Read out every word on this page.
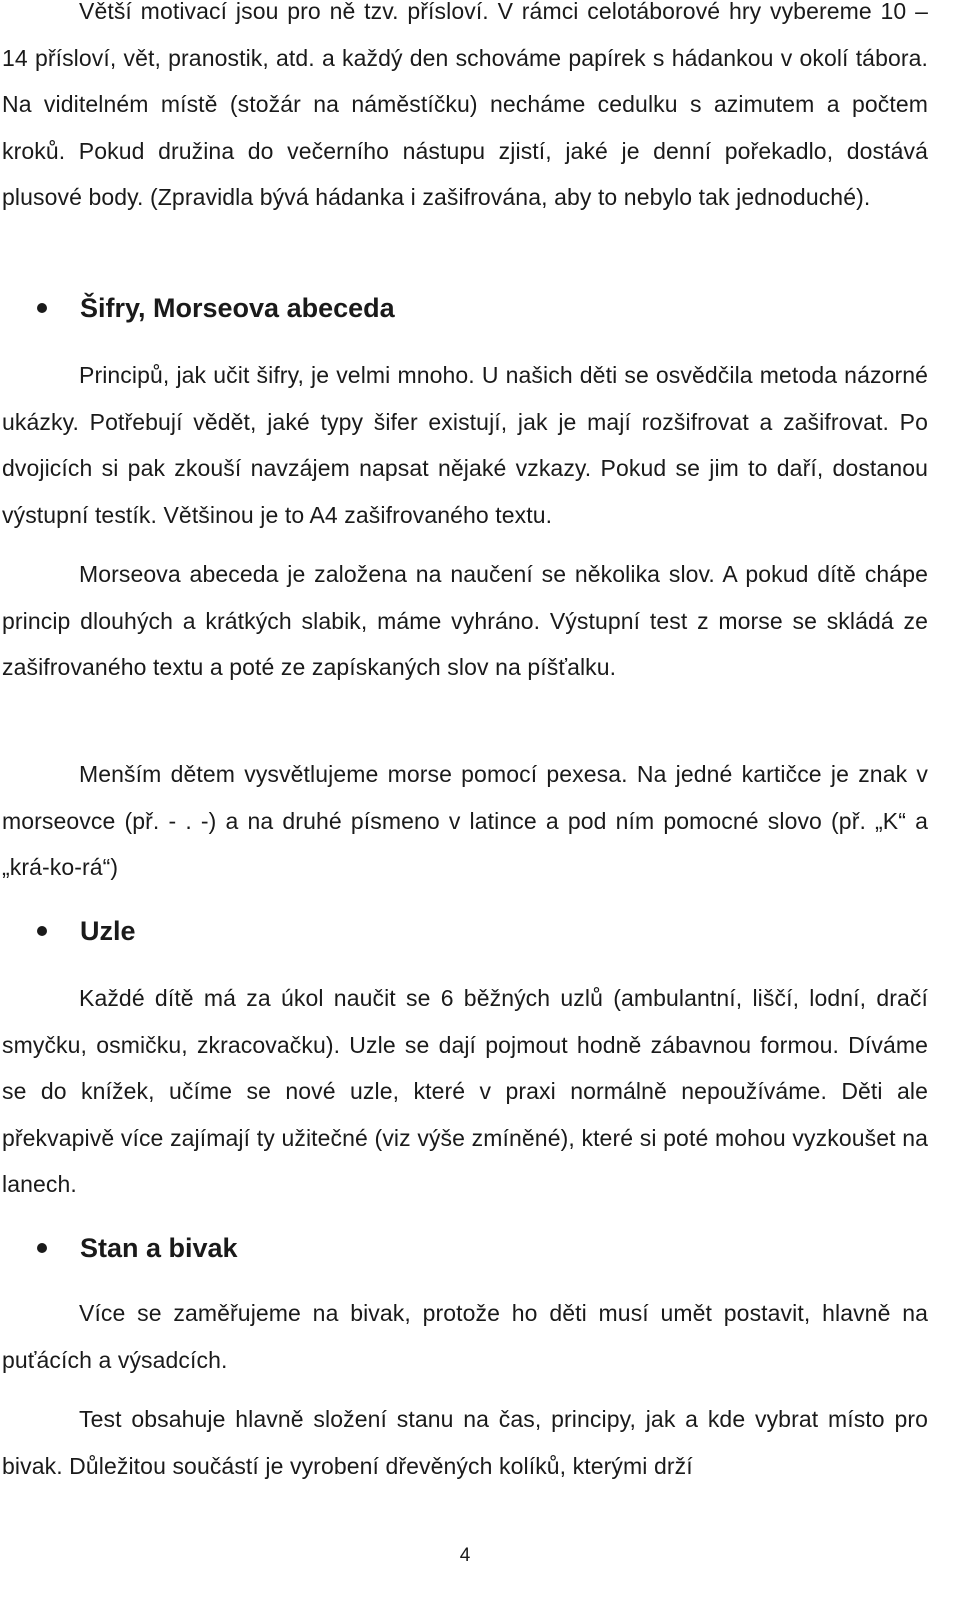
Větší motivací jsou pro ně tzv. přísloví. V rámci celotáborové hry vybereme 10 – 14 přísloví, vět, pranostik, atd. a každý den schováme papírek s hádankou v okolí tábora. Na viditelném místě (stožár na náměstíčku) necháme cedulku s azimutem a počtem kroků. Pokud družina do večerního nástupu zjistí, jaké je denní pořekadlo, dostává plusové body. (Zpravidla bývá hádanka i zašifrována, aby to nebylo tak jednoduché).

Šifry, Morseova abeceda

Principů, jak učit šifry, je velmi mnoho. U našich děti se osvědčila metoda názorné ukázky. Potřebují vědět, jaké typy šifer existují, jak je mají rozšifrovat a zašifrovat. Po dvojicích si pak zkouší navzájem napsat nějaké vzkazy. Pokud se jim to daří, dostanou výstupní testík. Většinou je to A4 zašifrovaného textu.

Morseova abeceda je založena na naučení se několika slov. A pokud dítě chápe princip dlouhých a krátkých slabik, máme vyhráno. Výstupní test z morse se skládá ze zašifrovaného textu a poté ze zapískaných slov na píšťalku.

Menším dětem vysvětlujeme morse pomocí pexesa. Na jedné kartičce je znak v morseovce (př. - . -) a na druhé písmeno v latince a pod ním pomocné slovo (př. „K“ a „krá-ko-rá“)

Uzle

Každé dítě má za úkol naučit se 6 běžných uzlů (ambulantní, liščí, lodní, dračí smyčku, osmičku, zkracovačku). Uzle se dají pojmout hodně zábavnou formou. Díváme se do knížek, učíme se nové uzle, které v praxi normálně nepoužíváme. Děti ale překvapivě více zajímají ty užitečné (viz výše zmíněné), které si poté mohou vyzkoušet na lanech.

Stan a bivak

Více se zaměřujeme na bivak, protože ho děti musí umět postavit, hlavně na puťácích a výsadcích.

Test obsahuje hlavně složení stanu na čas, principy, jak a kde vybrat místo pro bivak. Důležitou součástí je vyrobení dřevěných kolíků, kterými drží

4
